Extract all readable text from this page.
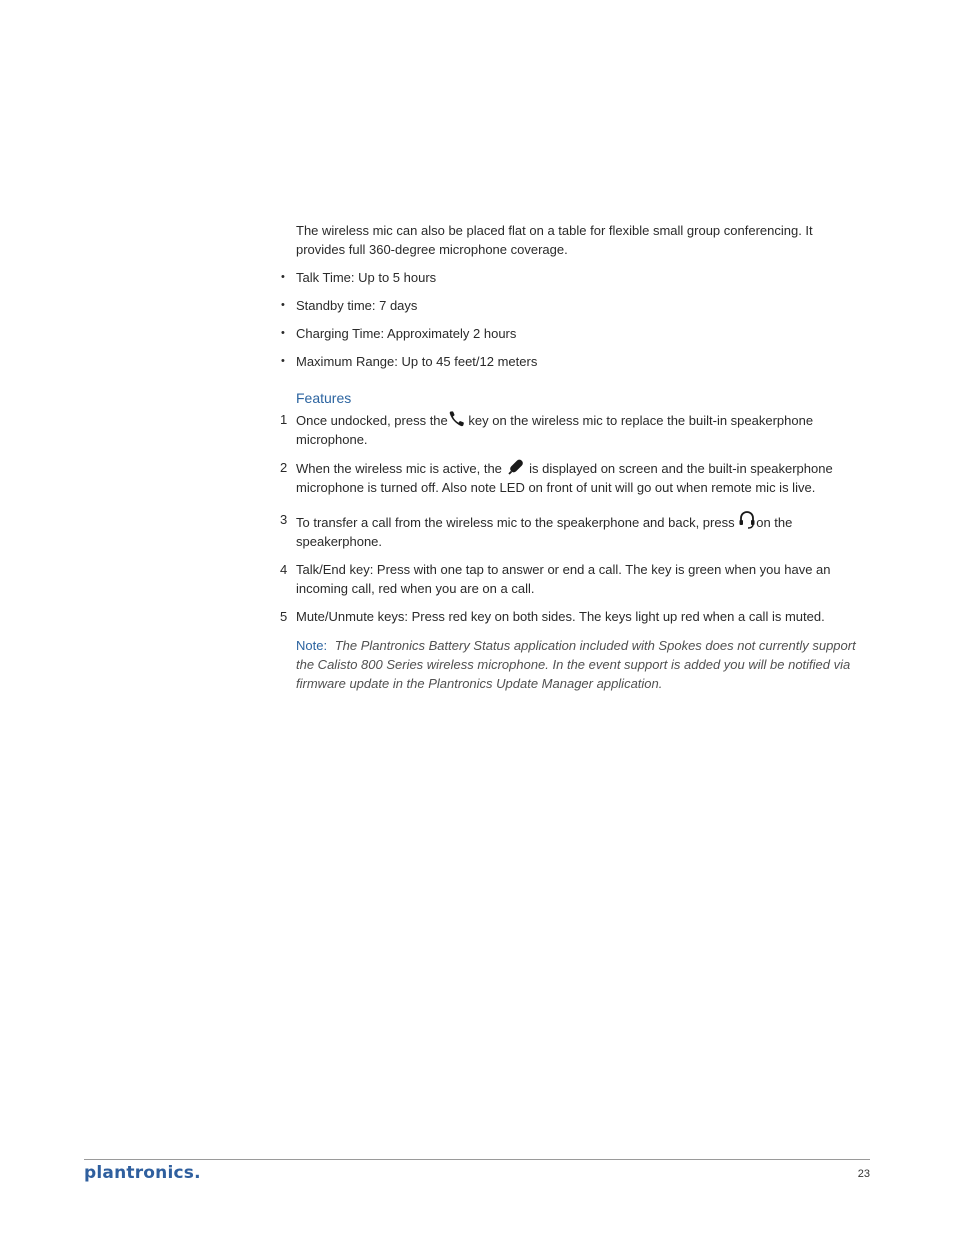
The wireless mic can also be placed flat on a table for flexible small group conferencing. It provides full 360-degree microphone coverage.

• Talk Time: Up to 5 hours
• Standby time: 7 days
• Charging Time: Approximately 2 hours
• Maximum Range: Up to 45 feet/12 meters
Features
1 Once undocked, press the key on the wireless mic to replace the built-in speakerphone microphone.
2 When the wireless mic is active, the is displayed on screen and the built-in speakerphone microphone is turned off. Also note LED on front of unit will go out when remote mic is live.
3 To transfer a call from the wireless mic to the speakerphone and back, press on the speakerphone.
4 Talk/End key: Press with one tap to answer or end a call. The key is green when you have an incoming call, red when you are on a call.
5 Mute/Unmute keys: Press red key on both sides. The keys light up red when a call is muted.
Note: The Plantronics Battery Status application included with Spokes does not currently support the Calisto 800 Series wireless microphone. In the event support is added you will be notified via firmware update in the Plantronics Update Manager application.
plantronics.	23
